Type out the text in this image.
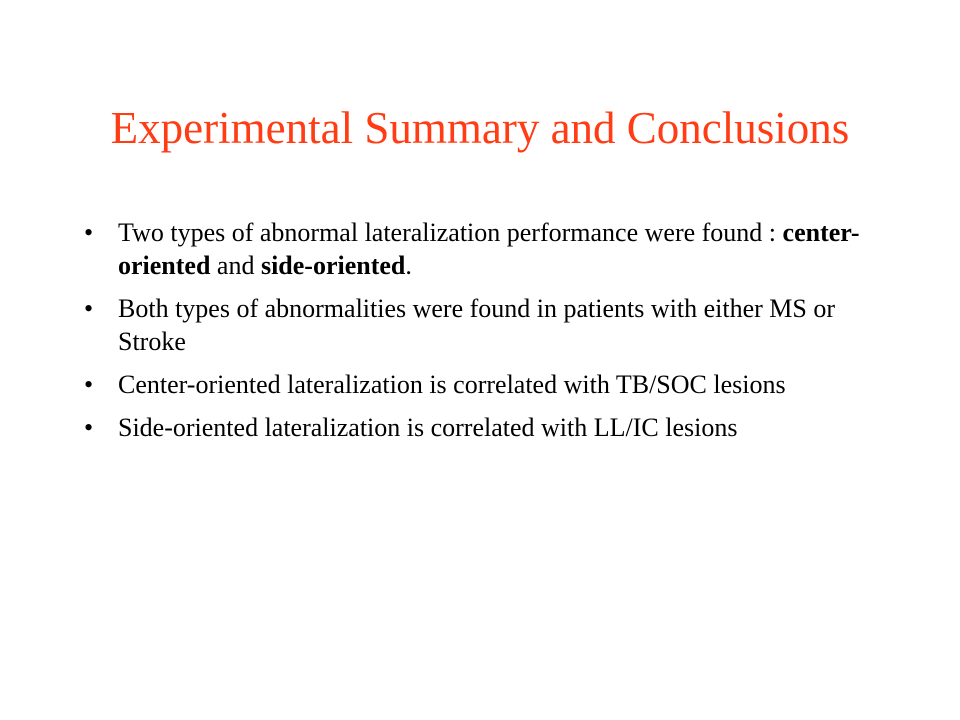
Experimental Summary and Conclusions
• Two types of abnormal lateralization performance were found : center-oriented and side-oriented.
• Both types of abnormalities were found in patients with either MS or Stroke
• Center-oriented lateralization is correlated with TB/SOC lesions
• Side-oriented lateralization is correlated with LL/IC lesions
